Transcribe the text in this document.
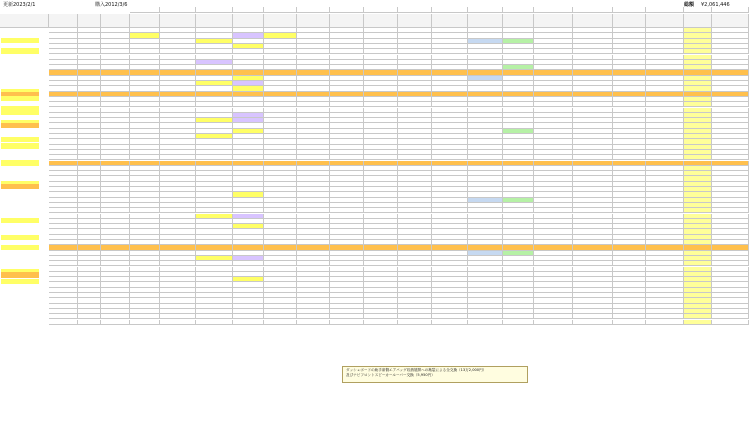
更新2023/2/1	購入2012/3/6	総額 ¥2,061,446
ダッシュボードの助手席側エアバッグ収納展開への亀裂による全交換（13万2,000円）
及びナビフロントスピーカールーバー交換（5,950円）
